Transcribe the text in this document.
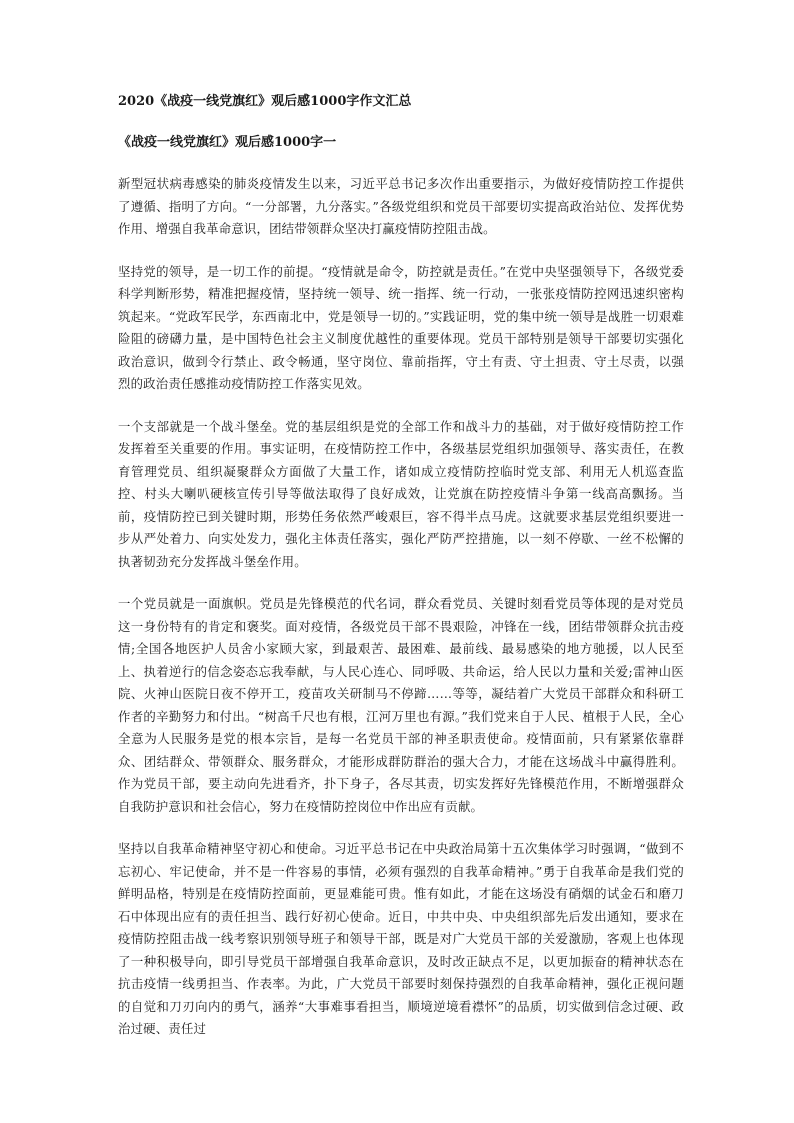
2020《战疫一线党旗红》观后感1000字作文汇总
《战疫一线党旗红》观后感1000字一
新型冠状病毒感染的肺炎疫情发生以来，习近平总书记多次作出重要指示，为做好疫情防控工作提供了遵循、指明了方向。“一分部署，九分落实。”各级党组织和党员干部要切实提高政治站位、发挥优势作用、增强自我革命意识，团结带领群众坚决打赢疫情防控阻击战。
坚持党的领导，是一切工作的前提。“疫情就是命令，防控就是责任。”在党中央坚强领导下，各级党委科学判断形势，精准把握疫情，坚持统一领导、统一指挥、统一行动，一张张疫情防控网迅速织密构筑起来。“党政军民学，东西南北中，党是领导一切的。”实践证明，党的集中统一领导是战胜一切艰难险阻的磅礴力量，是中国特色社会主义制度优越性的重要体现。党员干部特别是领导干部要切实强化政治意识，做到令行禁止、政令畅通，坚守岗位、靠前指挥，守土有责、守土担责、守土尽责，以强烈的政治责任感推动疫情防控工作落实见效。
一个支部就是一个战斗堡垒。党的基层组织是党的全部工作和战斗力的基础，对于做好疫情防控工作发挥着至关重要的作用。事实证明，在疫情防控工作中，各级基层党组织加强领导、落实责任，在教育管理党员、组织凝聚群众方面做了大量工作，诸如成立疫情防控临时党支部、利用无人机巡查监控、村头大喇叭硬核宣传引导等做法取得了良好成效，让党旗在防控疫情斗争第一线高高飘扬。当前，疫情防控已到关键时期，形势任务依然严峻艰巨，容不得半点马虎。这就要求基层党组织要进一步从严处着力、向实处发力，强化主体责任落实，强化严防严控措施，以一刻不停歇、一丝不松懈的执著韧劲充分发挥战斗堡垒作用。
一个党员就是一面旗帜。党员是先锋模范的代名词，群众看党员、关键时刻看党员等体现的是对党员这一身份特有的肯定和褒奖。面对疫情，各级党员干部不畏艰险，冲锋在一线，团结带领群众抗击疫情;全国各地医护人员舍小家顾大家，到最艰苦、最困难、最前线、最易感染的地方驰援，以人民至上、执着逆行的信念姿态忘我奉献，与人民心连心、同呼吸、共命运，给人民以力量和关爱;雷神山医院、火神山医院日夜不停开工，疫苗攻关研制马不停蹄……等等，凝结着广大党员干部群众和科研工作者的辛勤努力和付出。“树高千尺也有根，江河万里也有源。”我们党来自于人民、植根于人民，全心全意为人民服务是党的根本宗旨，是每一名党员干部的神圣职责使命。疫情面前，只有紧紧依靠群众、团结群众、带领群众、服务群众，才能形成群防群治的强大合力，才能在这场战斗中赢得胜利。作为党员干部，要主动向先进看齐，扑下身子，各尽其责，切实发挥好先锋模范作用，不断增强群众自我防护意识和社会信心，努力在疫情防控岗位中作出应有贡献。
坚持以自我革命精神坚守初心和使命。习近平总书记在中央政治局第十五次集体学习时强调，“做到不忘初心、牢记使命，并不是一件容易的事情，必须有强烈的自我革命精神。”勇于自我革命是我们党的鲜明品格，特别是在疫情防控面前，更显难能可贵。惟有如此，才能在这场没有硝烟的试金石和磨刀石中体现出应有的责任担当、践行好初心使命。近日，中共中央、中央组织部先后发出通知，要求在疫情防控阻击战一线考察识别领导班子和领导干部，既是对广大党员干部的关爱激励，客观上也体现了一种积极导向，即引导党员干部增强自我革命意识，及时改正缺点不足，以更加振奋的精神状态在抗击疫情一线勇担当、作表率。为此，广大党员干部要时刻保持强烈的自我革命精神，强化正视问题的自觉和刀刃向内的勇气，涵养“大事难事看担当，顺境逆境看襟怀”的品质，切实做到信念过硬、政治过硬、责任过
